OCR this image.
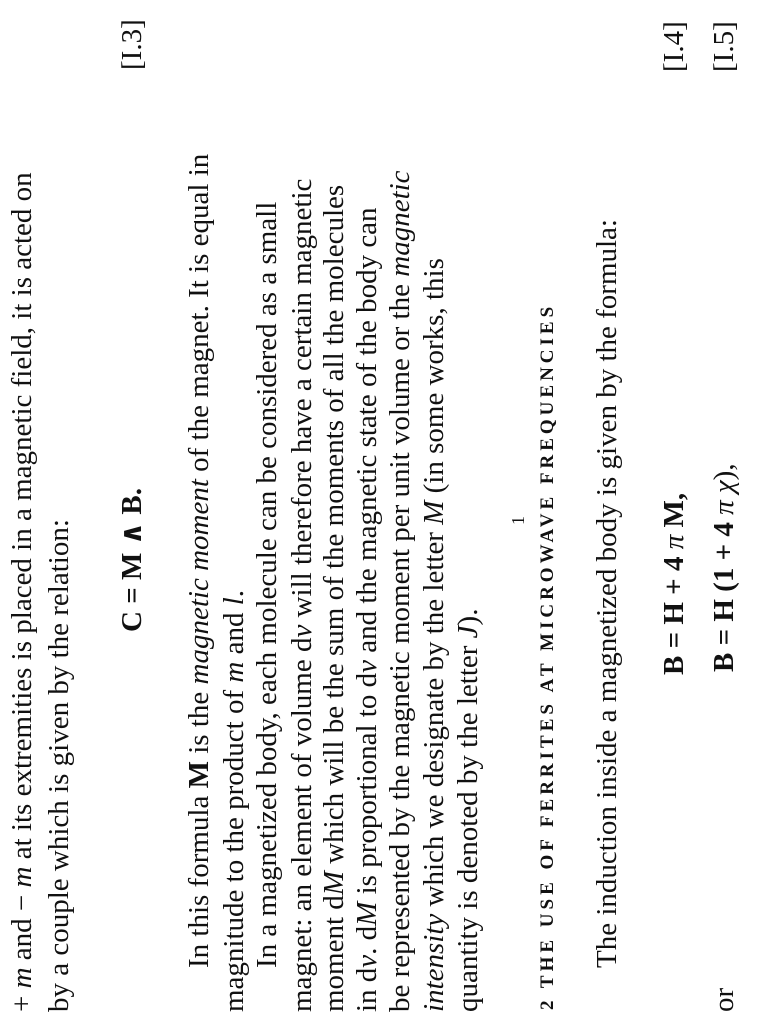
+ m and − m at its extremities is placed in a magnetic field, it is acted on by a couple which is given by the relation: C = M ∧ B.
[I.3]
In this formula M is the magnetic moment of the magnet. It is equal in
magnitude to the product of m and l. In a magnetized body, each molecule can be considered as a small magnet: an element of volume dv will therefore have a certain magnetic
moment dM which will be the sum of the moments of all the molecules
in dv. dM is proportional to dv and the magnetic state of the body can be represented by the magnetic moment per unit volume or the magnetic
intensity which we designate by the letter M (in some works, this
quantity is denoted by the letter J).
1 2 THE USE OF FERRITES AT MICROWAVE FREQUENCIES The induction inside a magnetized body is given by the formula: B = H + 4 π M,
[I.4]
or
B = H (1 + 4 π χ),
[I.5]
